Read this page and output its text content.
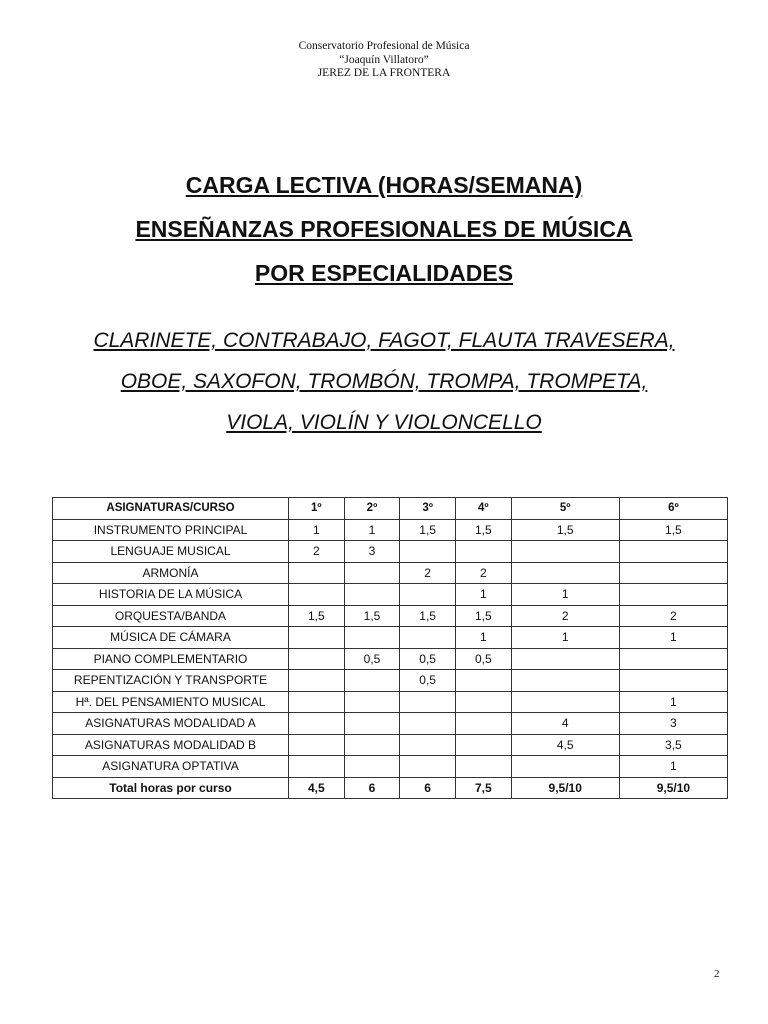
Conservatorio Profesional de Música
“Joaquín Villatoro”
JEREZ DE LA FRONTERA
CARGA LECTIVA (HORAS/SEMANA)
ENSEÑANZAS PROFESIONALES DE MÚSICA
POR ESPECIALIDADES
CLARINETE, CONTRABAJO, FAGOT, FLAUTA TRAVESERA,
OBOE, SAXOFON, TROMBÓN, TROMPA, TROMPETA,
VIOLA, VIOLÍN Y VIOLONCELLO
ASIGNATURAS/CURSO	1º	2º	3º	4º	5º	6º
INSTRUMENTO PRINCIPAL	1	1	1,5	1,5	1,5	1,5
LENGUAJE MUSICAL	2	3				
ARMONÍA			2	2		
HISTORIA DE LA MÚSICA				1	1	
ORQUESTA/BANDA	1,5	1,5	1,5	1,5	2	2
MÚSICA DE CÁMARA				1	1	1
PIANO COMPLEMENTARIO		0,5	0,5	0,5		
REPENTIZACIÓN Y TRANSPORTE			0,5			
Hª. DEL PENSAMIENTO MUSICAL						1
ASIGNATURAS MODALIDAD A					4	3
ASIGNATURAS MODALIDAD B					4,5	3,5
ASIGNATURA OPTATIVA						1
Total horas por curso	4,5	6	6	7,5	9,5/10	9,5/10
2
